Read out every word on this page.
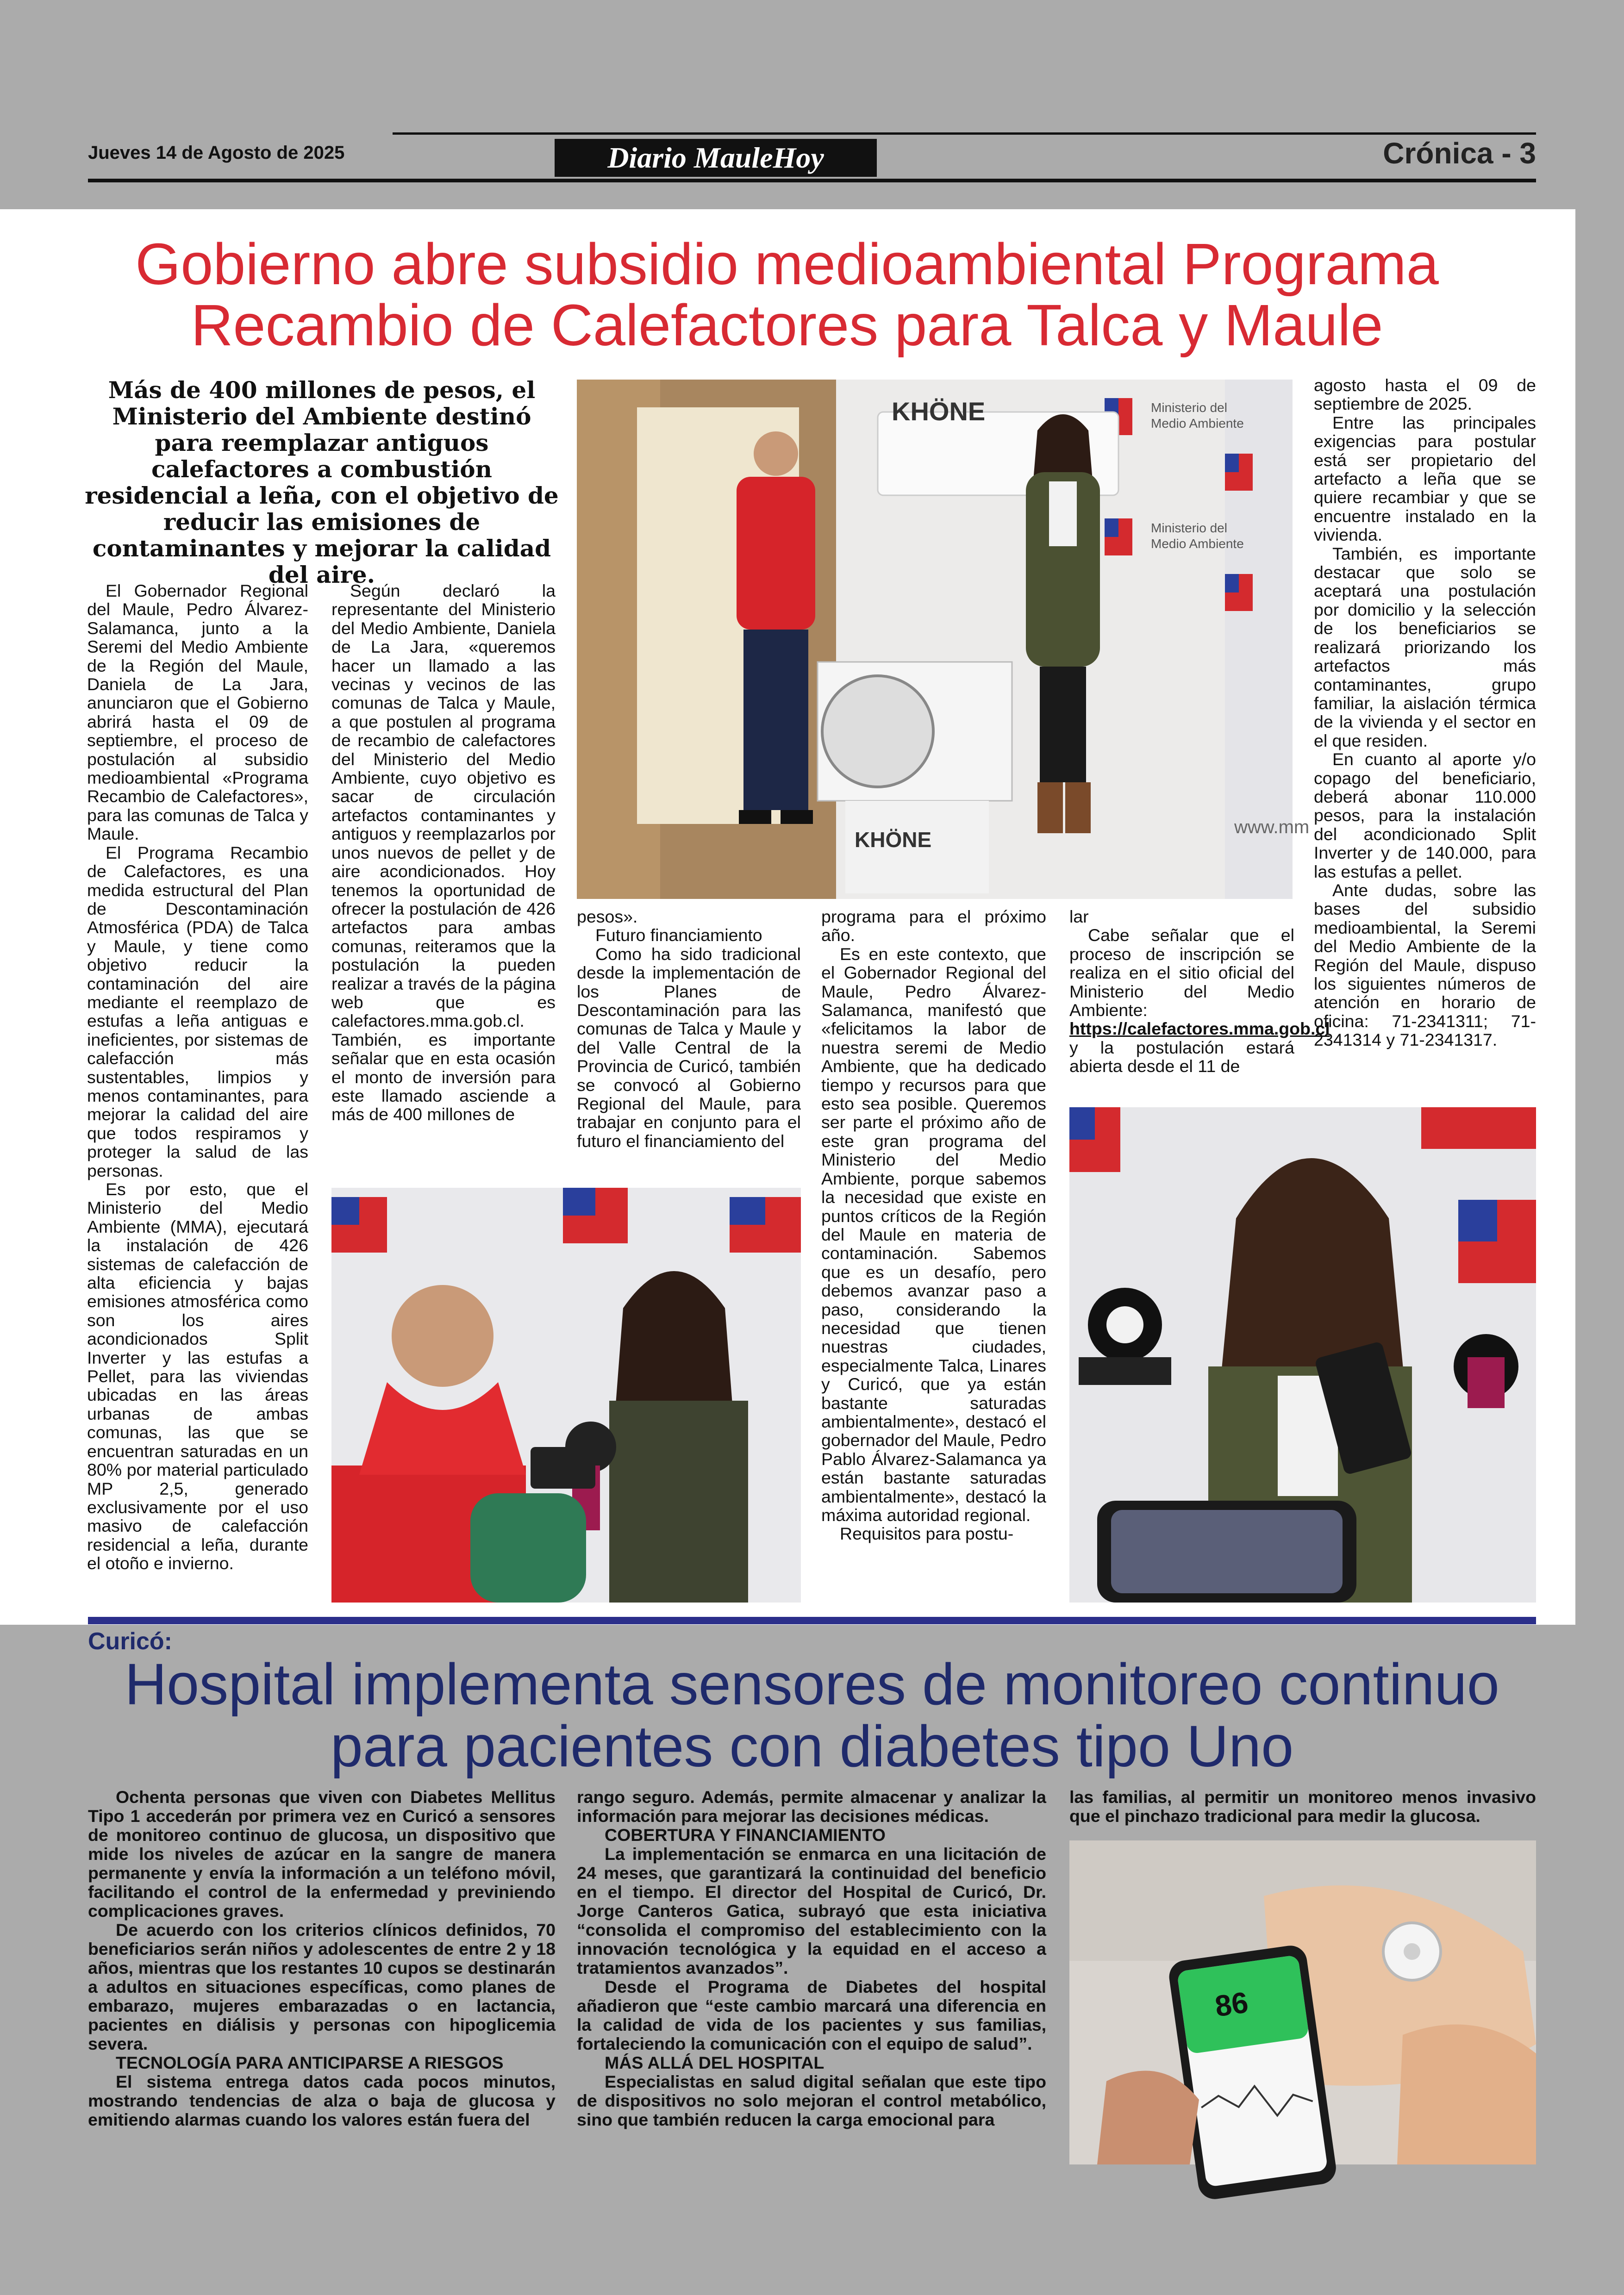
Jueves 14 de Agosto de 2025	Diario MauleHoy	Crónica - 3
Gobierno abre subsidio medioambiental Programa
Recambio de Calefactores para Talca y Maule
Más de 400 millones de pesos, el Ministerio del Ambiente destinó para reemplazar antiguos calefactores a combustión residencial a leña, con el objetivo de reducir las emisiones de contaminantes y mejorar la calidad del aire.

El Gobernador Regional del Maule, Pedro Álvarez-Salamanca, junto a la Seremi del Medio Ambiente de la Región del Maule, Daniela de La Jara, anunciaron que el Gobierno abrirá hasta el 09 de septiembre, el proceso de postulación al subsidio medioambiental «Programa Recambio de Calefactores», para las comunas de Talca y Maule.

El Programa Recambio de Calefactores, es una medida estructural del Plan de Descontaminación Atmosférica (PDA) de Talca y Maule, y tiene como objetivo reducir la contaminación del aire mediante el reemplazo de estufas a leña antiguas e ineficientes, por sistemas de calefacción más sustentables, limpios y menos contaminantes, para mejorar la calidad del aire que todos respiramos y proteger la salud de las personas.

Es por esto, que el Ministerio del Medio Ambiente (MMA), ejecutará la instalación de 426 sistemas de calefacción de alta eficiencia y bajas emisiones atmosférica como son los aires acondicionados Split Inverter y las estufas a Pellet, para las viviendas ubicadas en las áreas urbanas de ambas comunas, las que se encuentran saturadas en un 80% por material particulado MP 2,5, generado exclusivamente por el uso masivo de calefacción residencial a leña, durante el otoño e invierno.

Según declaró la representante del Ministerio del Medio Ambiente, Daniela de La Jara, «queremos hacer un llamado a las vecinas y vecinos de las comunas de Talca y Maule, a que postulen al programa de recambio de calefactores del Ministerio del Medio Ambiente, cuyo objetivo es sacar de circulación artefactos contaminantes y antiguos y reemplazarlos por unos nuevos de pellet y de aire acondicionados. Hoy tenemos la oportunidad de ofrecer la postulación de 426 artefactos para ambas comunas, reiteramos que la postulación la pueden realizar a través de la página web que es calefactores.mma.gob.cl. También, es importante señalar que en esta ocasión el monto de inversión para este llamado asciende a más de 400 millones de

Ministerio del
Medio Ambiente
Ministerio del
Medio Ambiente
KHÖNE
KHÖNE
www.mm

pesos».

Futuro financiamiento

Como ha sido tradicional desde la implementación de los Planes de Descontaminación para las comunas de Talca y Maule y del Valle Central de la Provincia de Curicó, también se convocó al Gobierno Regional del Maule, para trabajar en conjunto para el futuro el financiamiento del

programa para el próximo año.

Es en este contexto, que el Gobernador Regional del Maule, Pedro Álvarez-Salamanca, manifestó que «felicitamos la labor de nuestra seremi de Medio Ambiente, que ha dedicado tiempo y recursos para que esto sea posible. Queremos ser parte el próximo año de este gran programa del Ministerio del Medio Ambiente, porque sabemos la necesidad que existe en puntos críticos de la Región del Maule en materia de contaminación. Sabemos que es un desafío, pero debemos avanzar paso a paso, considerando la necesidad que tienen nuestras ciudades, especialmente Talca, Linares y Curicó, que ya están bastante saturadas ambientalmente», destacó el gobernador del Maule, Pedro Pablo Álvarez-Salamanca ya están bastante saturadas ambientalmente», destacó la máxima autoridad regional.

Requisitos para postu-

lar

Cabe señalar que el proceso de inscripción se realiza en el sitio oficial del Ministerio del Medio Ambiente:

https://calefactores.mma.gob.cl

y la postulación estará abierta desde el 11 de

agosto hasta el 09 de septiembre de 2025.

Entre las principales exigencias para postular está ser propietario del artefacto a leña que se quiere recambiar y que se encuentre instalado en la vivienda.

También, es importante destacar que solo se aceptará una postulación por domicilio y la selección de los beneficiarios se realizará priorizando los artefactos más contaminantes, grupo familiar, la aislación térmica de la vivienda y el sector en el que residen.

En cuanto al aporte y/o copago del beneficiario, deberá abonar 110.000 pesos, para la instalación del acondicionado Split Inverter y de 140.000, para las estufas a pellet.

Ante dudas, sobre las bases del subsidio medioambiental, la Seremi del Medio Ambiente de la Región del Maule, dispuso los siguientes números de atención en horario de oficina: 71-2341311; 71-2341314 y 71-2341317.

Curicó:
Hospital implementa sensores de monitoreo continuo
para pacientes con diabetes tipo Uno

Ochenta personas que viven con Diabetes Mellitus Tipo 1 accederán por primera vez en Curicó a sensores de monitoreo continuo de glucosa, un dispositivo que mide los niveles de azúcar en la sangre de manera permanente y envía la información a un teléfono móvil, facilitando el control de la enfermedad y previniendo complicaciones graves.

De acuerdo con los criterios clínicos definidos, 70 beneficiarios serán niños y adolescentes de entre 2 y 18 años, mientras que los restantes 10 cupos se destinarán a adultos en situaciones específicas, como planes de embarazo, mujeres embarazadas o en lactancia, pacientes en diálisis y personas con hipoglicemia severa.

TECNOLOGÍA PARA ANTICIPARSE A RIESGOS

El sistema entrega datos cada pocos minutos, mostrando tendencias de alza o baja de glucosa y emitiendo alarmas cuando los valores están fuera del

rango seguro. Además, permite almacenar y analizar la información para mejorar las decisiones médicas.

COBERTURA Y FINANCIAMIENTO

La implementación se enmarca en una licitación de 24 meses, que garantizará la continuidad del beneficio en el tiempo. El director del Hospital de Curicó, Dr. Jorge Canteros Gatica, subrayó que esta iniciativa “consolida el compromiso del establecimiento con la innovación tecnológica y la equidad en el acceso a tratamientos avanzados”.

Desde el Programa de Diabetes del hospital añadieron que “este cambio marcará una diferencia en la calidad de vida de los pacientes y sus familias, fortaleciendo la comunicación con el equipo de salud”.

MÁS ALLÁ DEL HOSPITAL

Especialistas en salud digital señalan que este tipo de dispositivos no solo mejoran el control metabólico, sino que también reducen la carga emocional para

las familias, al permitir un monitoreo menos invasivo que el pinchazo tradicional para medir la glucosa.

86
